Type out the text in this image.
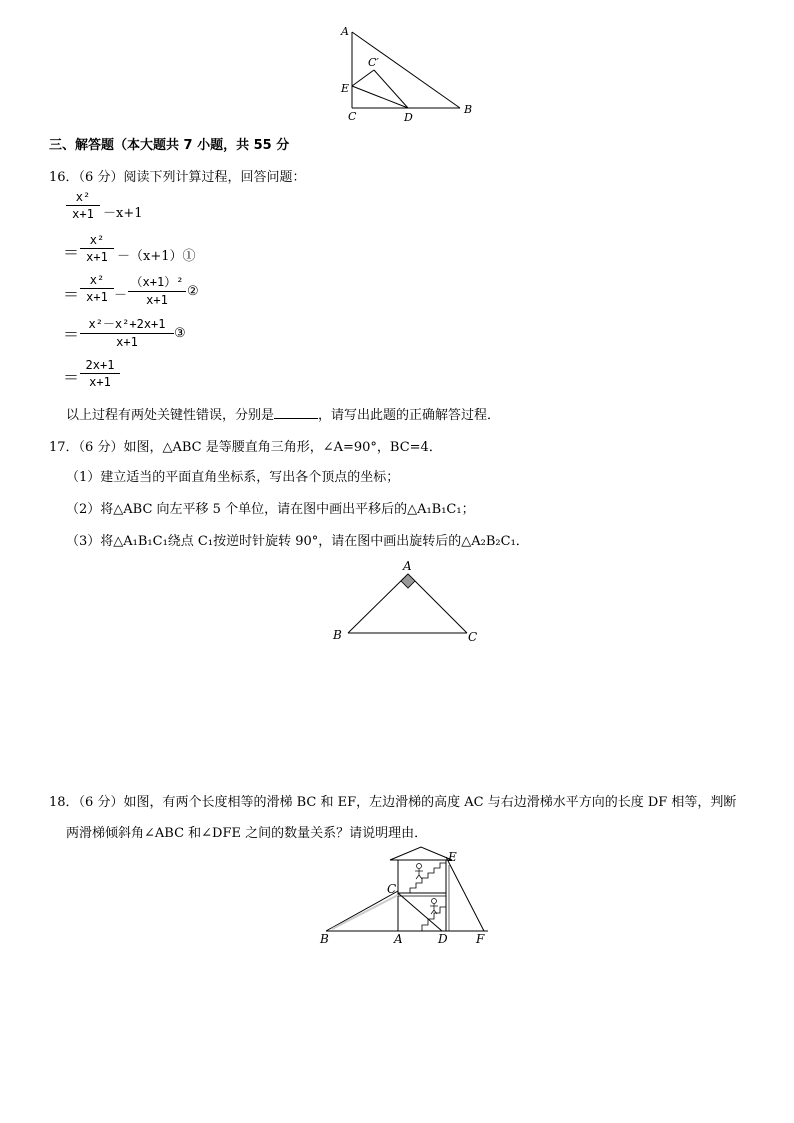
A
C′
E
C	D
B
三、解答题（本大题共 7 小题，共 55 分
16．（6 分）阅读下列计算过程，回答问题：
$\frac{\text{x²}}{x+1} -x+1$
＝ $\frac{\text{x²}}{x+1}$ －（x+1）①
＝ $\frac{\text{x²}}{x+1} - \frac{\text{（x+1）²}}{x+1}$ ②
＝ $\frac{\text{x²－x²+2x+1}}{x+1}$ ③
＝ $\frac{2x+1}{x+1}$
以上过程有两处关键性错误，分别是	，请写出此题的正确解答过程．
17．（6 分）如图，△ABC 是等腰直角三角形，∠A=90°，BC=4．
（1）建立适当的平面直角坐标系，写出各个顶点的坐标；
（2）将△ABC 向左平移 5 个单位，请在图中画出平移后的△A₁B₁C₁；
（3）将△A₁B₁C₁绕点 C₁按逆时针旋转 90°，请在图中画出旋转后的△A₂B₂C₁．
A
B	C
18．（6 分）如图，有两个长度相等的滑梯 BC 和 EF，左边滑梯的高度 AC 与右边滑梯水平方向的长度 DF 相等，判断
两滑梯倾斜角∠ABC 和∠DFE 之间的数量关系？请说明理由．
E
C
B	A	D F
